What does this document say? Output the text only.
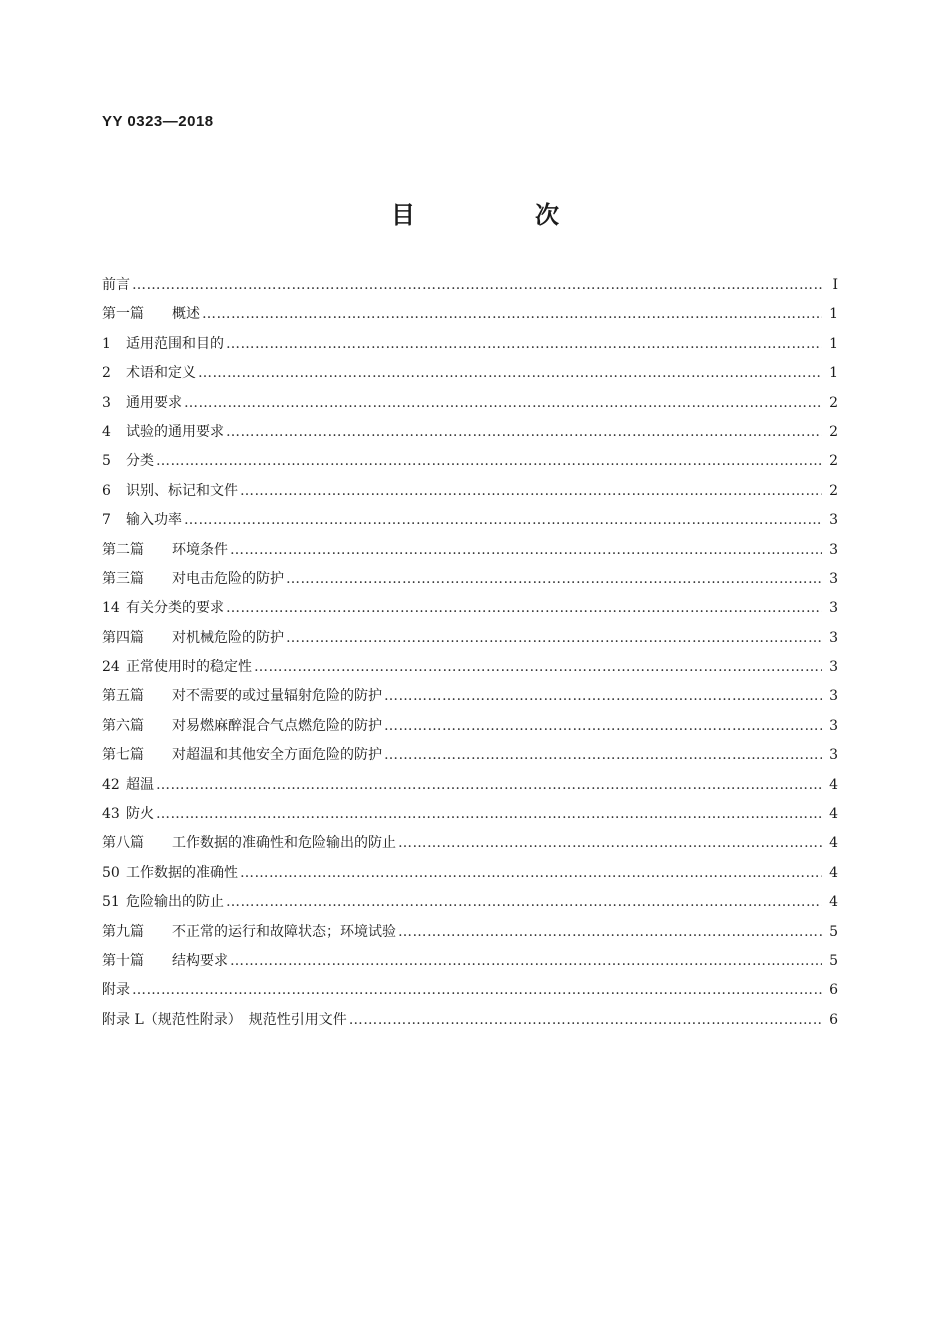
YY 0323—2018
目　次
前言 ……………………………………………………………………………………………………………………………………………………………………	Ⅰ
第一篇	概述 ……………………………………………………………………………………………………………………………………………………………………	1
1	适用范围和目的 ……………………………………………………………………………………………………………………………………………………………………	1
2	术语和定义 ……………………………………………………………………………………………………………………………………………………………………	1
3	通用要求 ……………………………………………………………………………………………………………………………………………………………………	2
4	试验的通用要求 ……………………………………………………………………………………………………………………………………………………………………	2
5	分类 ……………………………………………………………………………………………………………………………………………………………………	2
6	识别、标记和文件 ……………………………………………………………………………………………………………………………………………………………………	2
7	输入功率 ……………………………………………………………………………………………………………………………………………………………………	3
第二篇	环境条件 ……………………………………………………………………………………………………………………………………………………………………	3
第三篇	对电击危险的防护 ……………………………………………………………………………………………………………………………………………………………………	3
14 有关分类的要求 ……………………………………………………………………………………………………………………………………………………………………	3
第四篇	对机械危险的防护 ……………………………………………………………………………………………………………………………………………………………………	3
24 正常使用时的稳定性 ……………………………………………………………………………………………………………………………………………………………………	3
第五篇	对不需要的或过量辐射危险的防护 ……………………………………………………………………………………………………………………………………………………………………	3
第六篇	对易燃麻醉混合气点燃危险的防护 ……………………………………………………………………………………………………………………………………………………………………	3
第七篇	对超温和其他安全方面危险的防护 ……………………………………………………………………………………………………………………………………………………………………	3
42 超温 ……………………………………………………………………………………………………………………………………………………………………	4
43 防火 ……………………………………………………………………………………………………………………………………………………………………	4
第八篇	工作数据的准确性和危险输出的防止 ……………………………………………………………………………………………………………………………………………………………………	4
50 工作数据的准确性 ……………………………………………………………………………………………………………………………………………………………………	4
51 危险输出的防止 ……………………………………………………………………………………………………………………………………………………………………	4
第九篇	不正常的运行和故障状态；环境试验 ……………………………………………………………………………………………………………………………………………………………………	5
第十篇	结构要求 ……………………………………………………………………………………………………………………………………………………………………	5
附录 ……………………………………………………………………………………………………………………………………………………………………	6
附录 L（规范性附录）　规范性引用文件 ……………………………………………………………………………………………………………………………………………………………………	6
